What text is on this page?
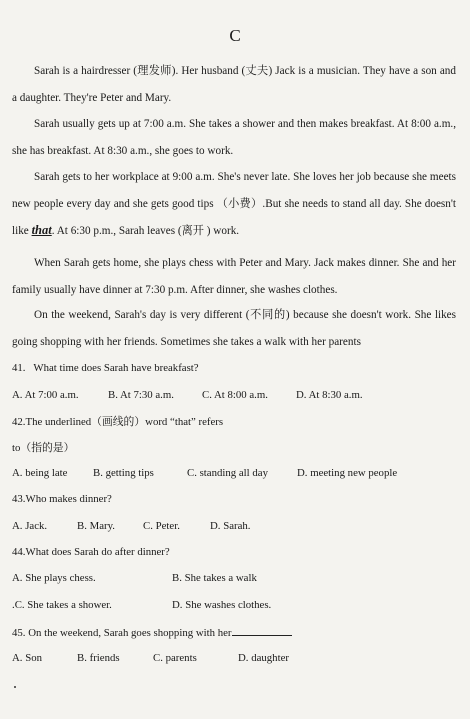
C

Sarah is a hairdresser (理发师). Her husband (丈夫) Jack is a musician. They have a son and a daughter. They're Peter and Mary.

Sarah usually gets up at 7:00 a.m. She takes a shower and then makes breakfast. At 8:00 a.m., she has breakfast. At 8:30 a.m., she goes to work.

Sarah gets to her workplace at 9:00 a.m. She's never late. She loves her job because she meets new people every day and she gets good tips （小费）.But she needs to stand all day. She doesn't like that. At 6:30 p.m., Sarah leaves (离开 ) work.

When Sarah gets home, she plays chess with Peter and Mary. Jack makes dinner. She and her family usually have dinner at 7:30 p.m. After dinner, she washes clothes.

On the weekend, Sarah's day is very different (不同的) because she doesn't work. She likes going shopping with her friends. Sometimes she takes a walk with her parents

41. What time does Sarah have breakfast?
A. At 7:00 a.m.	B. At 7:30 a.m.	C. At 8:00 a.m.	D. At 8:30 a.m.
42.The underlined（画线的）word “that” refers
to（指的是）
A. being late B. getting tips	C. standing all day	D. meeting new people
43.Who makes dinner?
A. Jack.	B. Mary.	C. Peter.	D. Sarah.
44.What does Sarah do after dinner?
A. She plays chess.	B. She takes a walk
.C. She takes a shower.	D. She washes clothes.
45. On the weekend, Sarah goes shopping with her
A. Son	B. friends	C. parents	D. daughter
